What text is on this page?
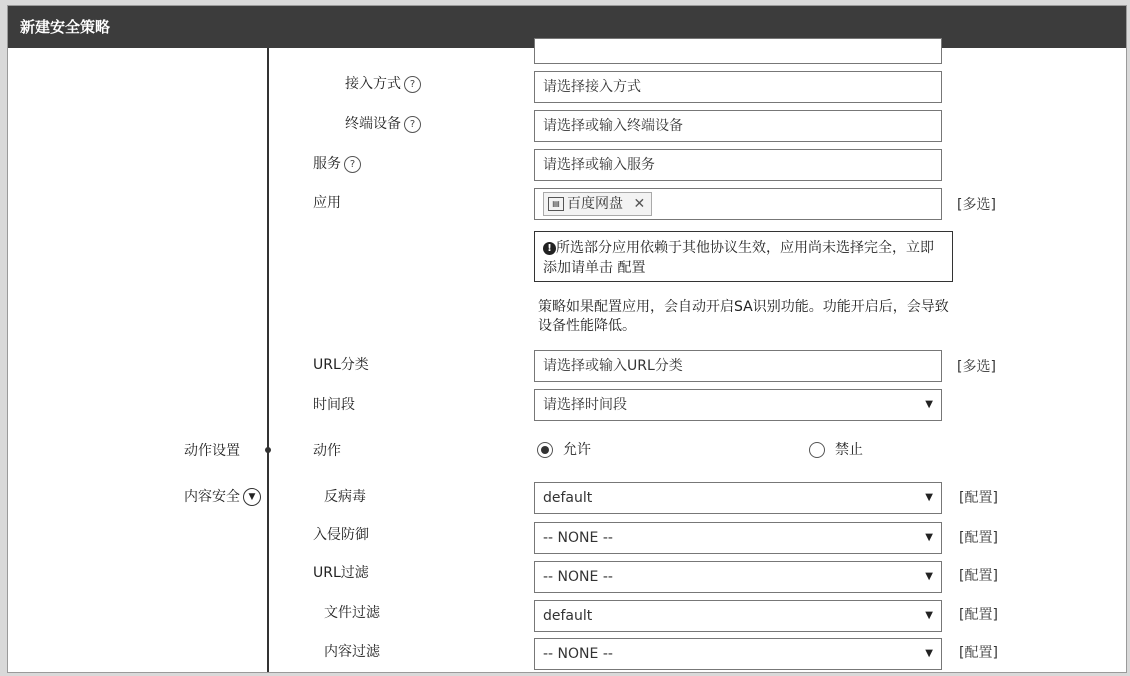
新建安全策略
接入方式 ?	请选择接入方式
终端设备 ?	请选择或输入终端设备
服务 ?	请选择或输入服务
应用	▤ 百度网盘 ✕	[多选]
! 所选部分应用依赖于其他协议生效，应用尚未选择完全，立即添加请单击 配置
策略如果配置应用，会自动开启SA识别功能。功能开启后，会导致设备性能降低。
URL分类	请选择或输入URL分类	[多选]
时间段	请选择时间段	▼
动作设置	动作	允许	禁止
内容安全 ▼	反病毒	default	▼ [配置]
入侵防御	-- NONE --	▼ [配置]
URL过滤	-- NONE --	▼ [配置]
文件过滤	default	▼ [配置]
内容过滤	-- NONE --	▼ [配置]
